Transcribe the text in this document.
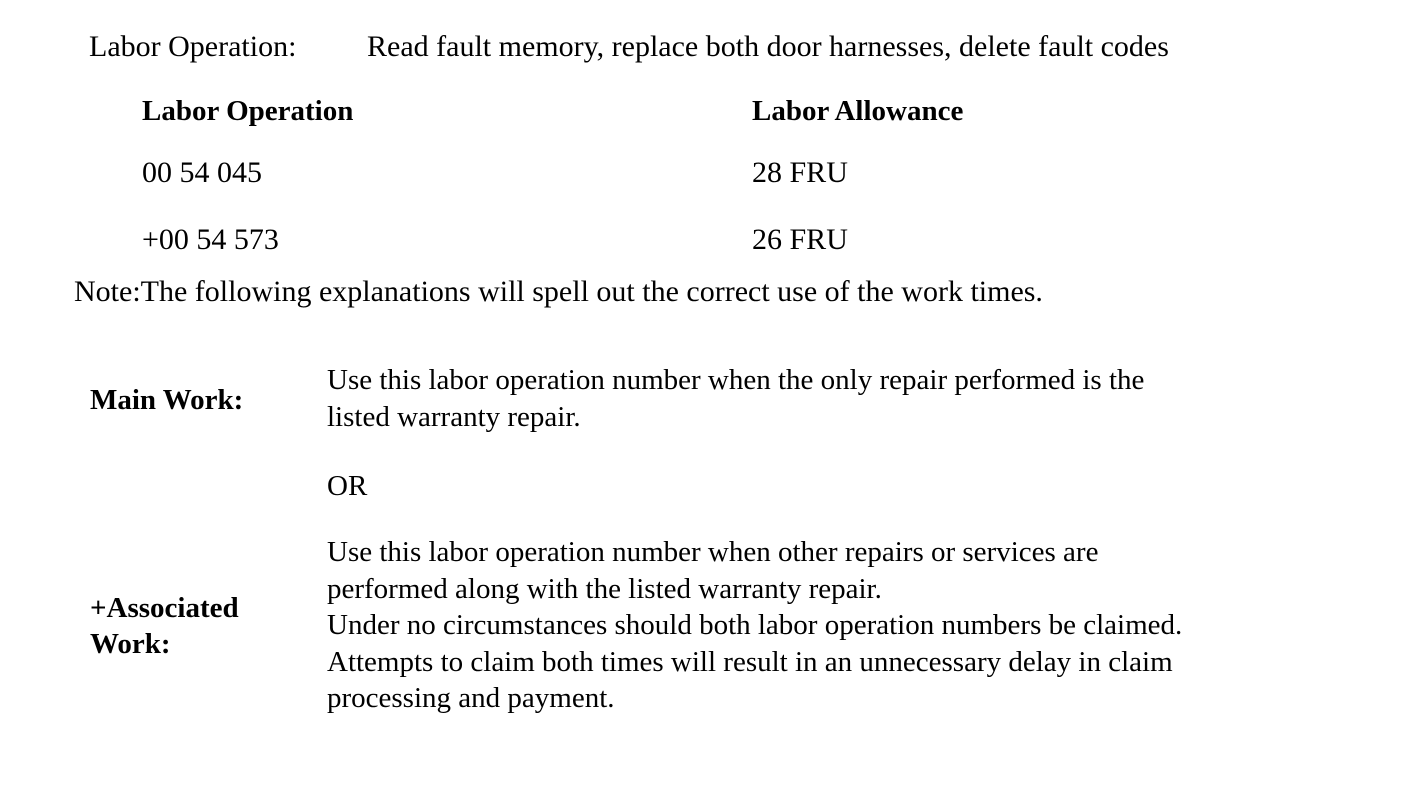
Labor Operation: Read fault memory, replace both door harnesses, delete fault codes
Labor Operation	Labor Allowance
00 54 045	28 FRU
+00 54 573	26 FRU
Note:The following explanations will spell out the correct use of the work times.
Main Work:
Use this labor operation number when the only repair performed is the
listed warranty repair.
OR
+Associated
Work:
Use this labor operation number when other repairs or services are
performed along with the listed warranty repair.
Under no circumstances should both labor operation numbers be claimed.
Attempts to claim both times will result in an unnecessary delay in claim
processing and payment.
